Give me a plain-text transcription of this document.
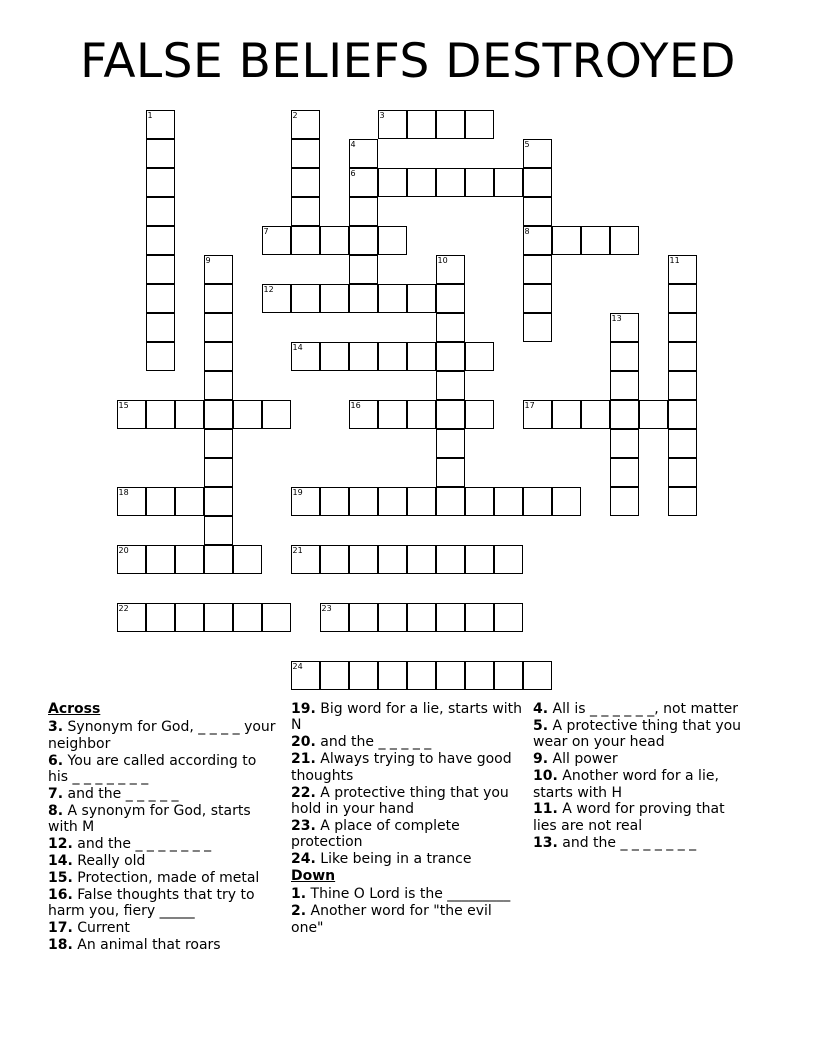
FALSE BELIEFS DESTROYED
3
6
7	8
12
14
15	16	17
18	19
20	21
22	23
24
1	2
4	5
9	10	11
13
Across
3. Synonym for God, _ _ _ _ your neighbor
6. You are called according to his _ _ _ _ _ _ _
7. and the _ _ _ _ _
8. A synonym for God, starts with M
12. and the _ _ _ _ _ _ _
14. Really old
15. Protection, made of metal
16. False thoughts that try to harm you, fiery _____
17. Current
18. An animal that roars
19. Big word for a lie, starts with N
20. and the _ _ _ _ _
21. Always trying to have good thoughts
22. A protective thing that you hold in your hand
23. A place of complete protection
24. Like being in a trance
Down
1. Thine O Lord is the _________
2. Another word for "the evil one"
4. All is _ _ _ _ _ _, not matter
5. A protective thing that you wear on your head
9. All power
10. Another word for a lie, starts with H
11. A word for proving that lies are not real
13. and the _ _ _ _ _ _ _
